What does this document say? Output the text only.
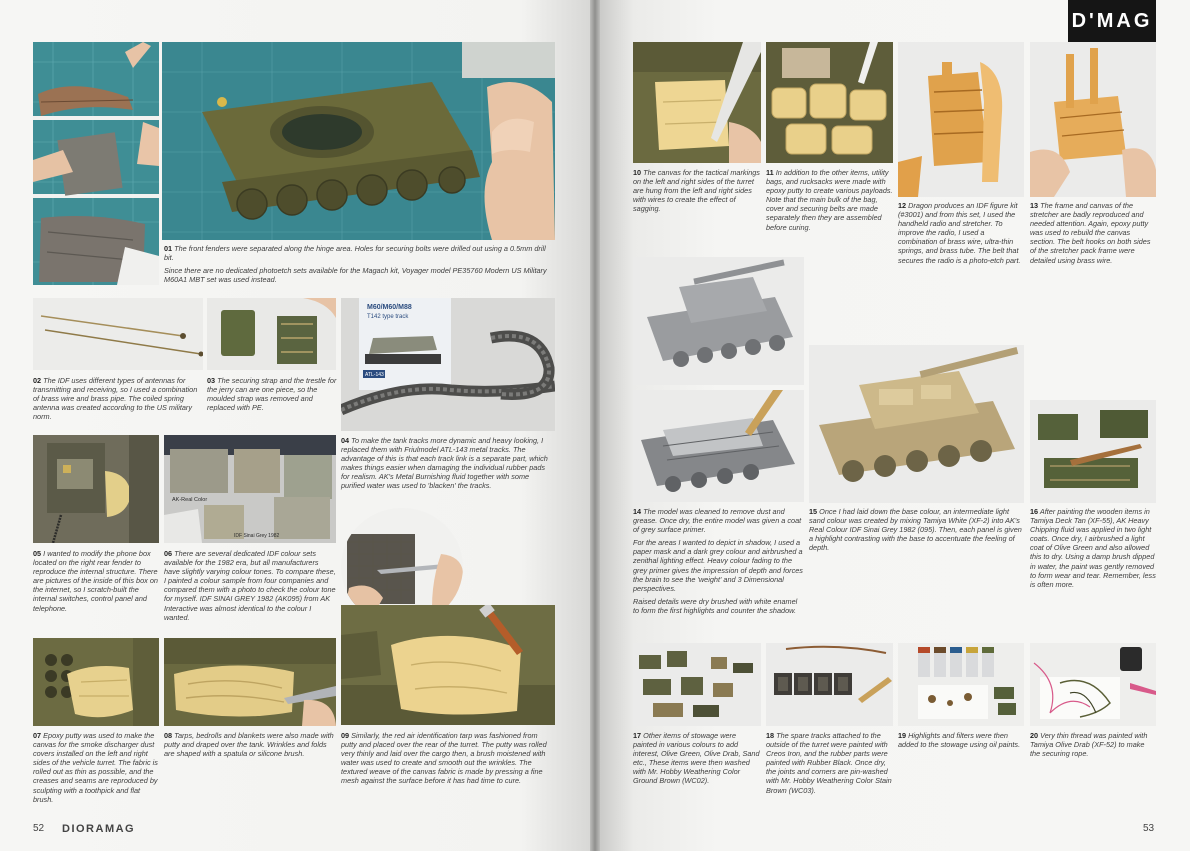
M60/M60/M88
T142 type track
ATL-143
AK-Real Color
IDF Sinai Grey 1982

01 The front fenders were separated along the hinge area. Holes for securing bolts were drilled out using a 0.5mm drill bit.

Since there are no dedicated photoetch sets available for the Magach kit, Voyager model PE35760 Modern US Military M60A1 MBT set was used instead.

02 The IDF uses different types of antennas for transmitting and receiving, so I used a combination of brass wire and brass pipe. The coiled spring antenna was created according to the US military norm.
03 The securing strap and the trestle for the jerry can are one piece, so the moulded strap was removed and replaced with PE.
04 To make the tank tracks more dynamic and heavy looking, I replaced them with Friulmodel ATL-143 metal tracks. The advantage of this is that each track link is a separate part, which makes things easier when damaging the individual rubber pads for realism. AK's Metal Burnishing fluid together with some purified water was used to 'blacken' the tracks.
05 I wanted to modify the phone box located on the right rear fender to reproduce the internal structure. There are pictures of the inside of this box on the internet, so I scratch-built the internal switches, control panel and telephone.
06 There are several dedicated IDF colour sets available for the 1982 era, but all manufacturers have slightly varying colour tones. To compare these, I painted a colour sample from four companies and compared them with a photo to check the colour tone for myself. IDF SINAI GREY 1982 (AK095) from AK Interactive was almost identical to the colour I wanted.
07 Epoxy putty was used to make the canvas for the smoke discharger dust covers installed on the left and right sides of the vehicle turret. The fabric is rolled out as thin as possible, and the creases and seams are reproduced by sculpting with a toothpick and flat brush.
08 Tarps, bedrolls and blankets were also made with putty and draped over the tank. Wrinkles and folds are shaped with a spatula or silicone brush.
09 Similarly, the red air identification tarp was fashioned from putty and placed over the rear of the turret. The putty was rolled very thinly and laid over the cargo then, a brush moistened with water was used to create and smooth out the wrinkles. The textured weave of the canvas fabric is made by pressing a fine mesh against the surface before it has had time to cure.
52 DIORAMAG
D'MAG
10 The canvas for the tactical markings on the left and right sides of the turret are hung from the left and right sides with wires to create the effect of sagging.
11 In addition to the other items, utility bags, and rucksacks were made with epoxy putty to create various payloads. Note that the main bulk of the bag, cover and securing belts are made separately then they are assembled before curing.
12 Dragon produces an IDF figure kit (#3001) and from this set, I used the handheld radio and stretcher. To improve the radio, I used a combination of brass wire, ultra-thin springs, and brass tube. The belt that secures the radio is a photo-etch part.
13 The frame and canvas of the stretcher are badly reproduced and needed attention. Again, epoxy putty was used to rebuild the canvas section. The belt hooks on both sides of the stretcher pack frame were detailed using brass wire.

14 The model was cleaned to remove dust and grease. Once dry, the entire model was given a coat of grey surface primer.

For the areas I wanted to depict in shadow, I used a paper mask and a dark grey colour and airbrushed a zenithal lighting effect. Heavy colour fading to the grey primer gives the impression of depth and forces the brain to see the 'weight' and 3 Dimensional perspectives.

Raised details were dry brushed with white enamel to form the first highlights and counter the shadow.

15 Once I had laid down the base colour, an intermediate light sand colour was created by mixing Tamiya White (XF-2) into AK's Real Colour IDF Sinai Grey 1982 (095). Then, each panel is given a highlight contrasting with the base to accentuate the feeling of depth.
16 After painting the wooden items in Tamiya Deck Tan (XF-55), AK Heavy Chipping fluid was applied in two light coats. Once dry, I airbrushed a light coat of Olive Green and also allowed this to dry. Using a damp brush dipped in water, the paint was gently removed to form wear and tear. Remember, less is often more.
17 Other items of stowage were painted in various colours to add interest, Olive Green, Olive Drab, Sand etc., These items were then washed with Mr. Hobby Weathering Color Ground Brown (WC02).
18 The spare tracks attached to the outside of the turret were painted with Creos Iron, and the rubber parts were painted with Rubber Black. Once dry, the joints and corners are pin-washed with Mr. Hobby Weathering Color Stain Brown (WC03).
19 Highlights and filters were then added to the stowage using oil paints.
20 Very thin thread was painted with Tamiya Olive Drab (XF-52) to make the securing rope.
53
